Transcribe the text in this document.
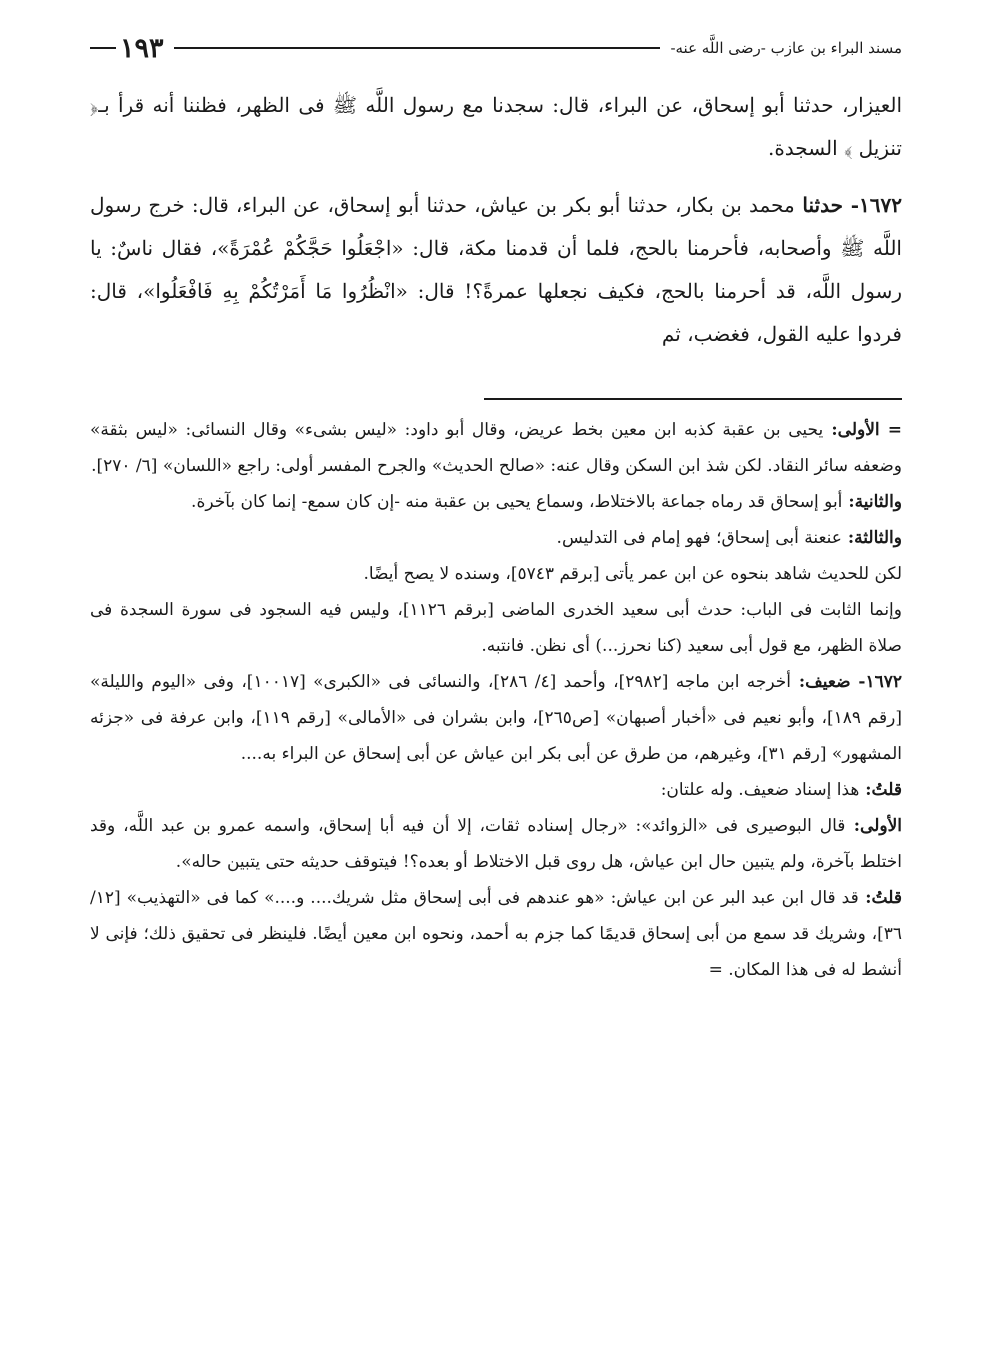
مسند البراء بن عازب -رضى اللَّه عنه-
١٩٣

العيزار، حدثنا أبو إسحاق، عن البراء، قال: سجدنا مع رسول اللَّه ﷺ فى الظهر، فظننا أنه قرأ بـ﴿ تنزيل ﴾ السجدة.

١٦٧٢- حدثنا محمد بن بكار، حدثنا أبو بكر بن عياش، حدثنا أبو إسحاق، عن البراء، قال: خرج رسول اللَّه ﷺ وأصحابه، فأحرمنا بالحج، فلما أن قدمنا مكة، قال: «اجْعَلُوا حَجَّكُمْ عُمْرَةً»، فقال ناسٌ: يا رسول اللَّه، قد أحرمنا بالحج، فكيف نجعلها عمرةً؟! قال: «انْظُرُوا مَا أَمَرْتُكُمْ بِهِ فَافْعَلُوا»، قال: فردوا عليه القول، فغضب، ثم

= الأولى: يحيى بن عقبة كذبه ابن معين بخط عريض، وقال أبو داود: «ليس بشىء» وقال النسائى: «ليس بثقة» وضعفه سائر النقاد. لكن شذ ابن السكن وقال عنه: «صالح الحديث» والجرح المفسر أولى: راجع «اللسان» [٦/ ٢٧٠].

والثانية: أبو إسحاق قد رماه جماعة بالاختلاط، وسماع يحيى بن عقبة منه -إن كان سمع- إنما كان بآخرة.

والثالثة: عنعنة أبى إسحاق؛ فهو إمام فى التدليس.

لكن للحديث شاهد بنحوه عن ابن عمر يأتى [برقم ٥٧٤٣]، وسنده لا يصح أيضًا.

وإنما الثابت فى الباب: حدث أبى سعيد الخدرى الماضى [برقم ١١٢٦]، وليس فيه السجود فى سورة السجدة فى صلاة الظهر، مع قول أبى سعيد (كنا نحرز...) أى نظن. فانتبه.

١٦٧٢- ضعيف: أخرجه ابن ماجه [٢٩٨٢]، وأحمد [٤/ ٢٨٦]، والنسائى فى «الكبرى» [١٠٠١٧]، وفى «اليوم والليلة» [رقم ١٨٩]، وأبو نعيم فى «أخبار أصبهان» [ص٢٦٥]، وابن بشران فى «الأمالى» [رقم ١١٩]، وابن عرفة فى «جزئه المشهور» [رقم ٣١]، وغيرهم، من طرق عن أبى بكر ابن عياش عن أبى إسحاق عن البراء به....

قلتُ: هذا إسناد ضعيف. وله علتان:

الأولى: قال البوصيرى فى «الزوائد»: «رجال إسناده ثقات، إلا أن فيه أبا إسحاق، واسمه عمرو بن عبد اللَّه، وقد اختلط بآخرة، ولم يتبين حال ابن عياش، هل روى قبل الاختلاط أو بعده؟! فيتوقف حديثه حتى يتبين حاله».

قلتُ: قد قال ابن عبد البر عن ابن عياش: «هو عندهم فى أبى إسحاق مثل شريك.... و....» كما فى «التهذيب» [١٢/ ٣٦]، وشريك قد سمع من أبى إسحاق قديمًا كما جزم به أحمد، ونحوه ابن معين أيضًا. فلينظر فى تحقيق ذلك؛ فإنى لا أنشط له فى هذا المكان. =
